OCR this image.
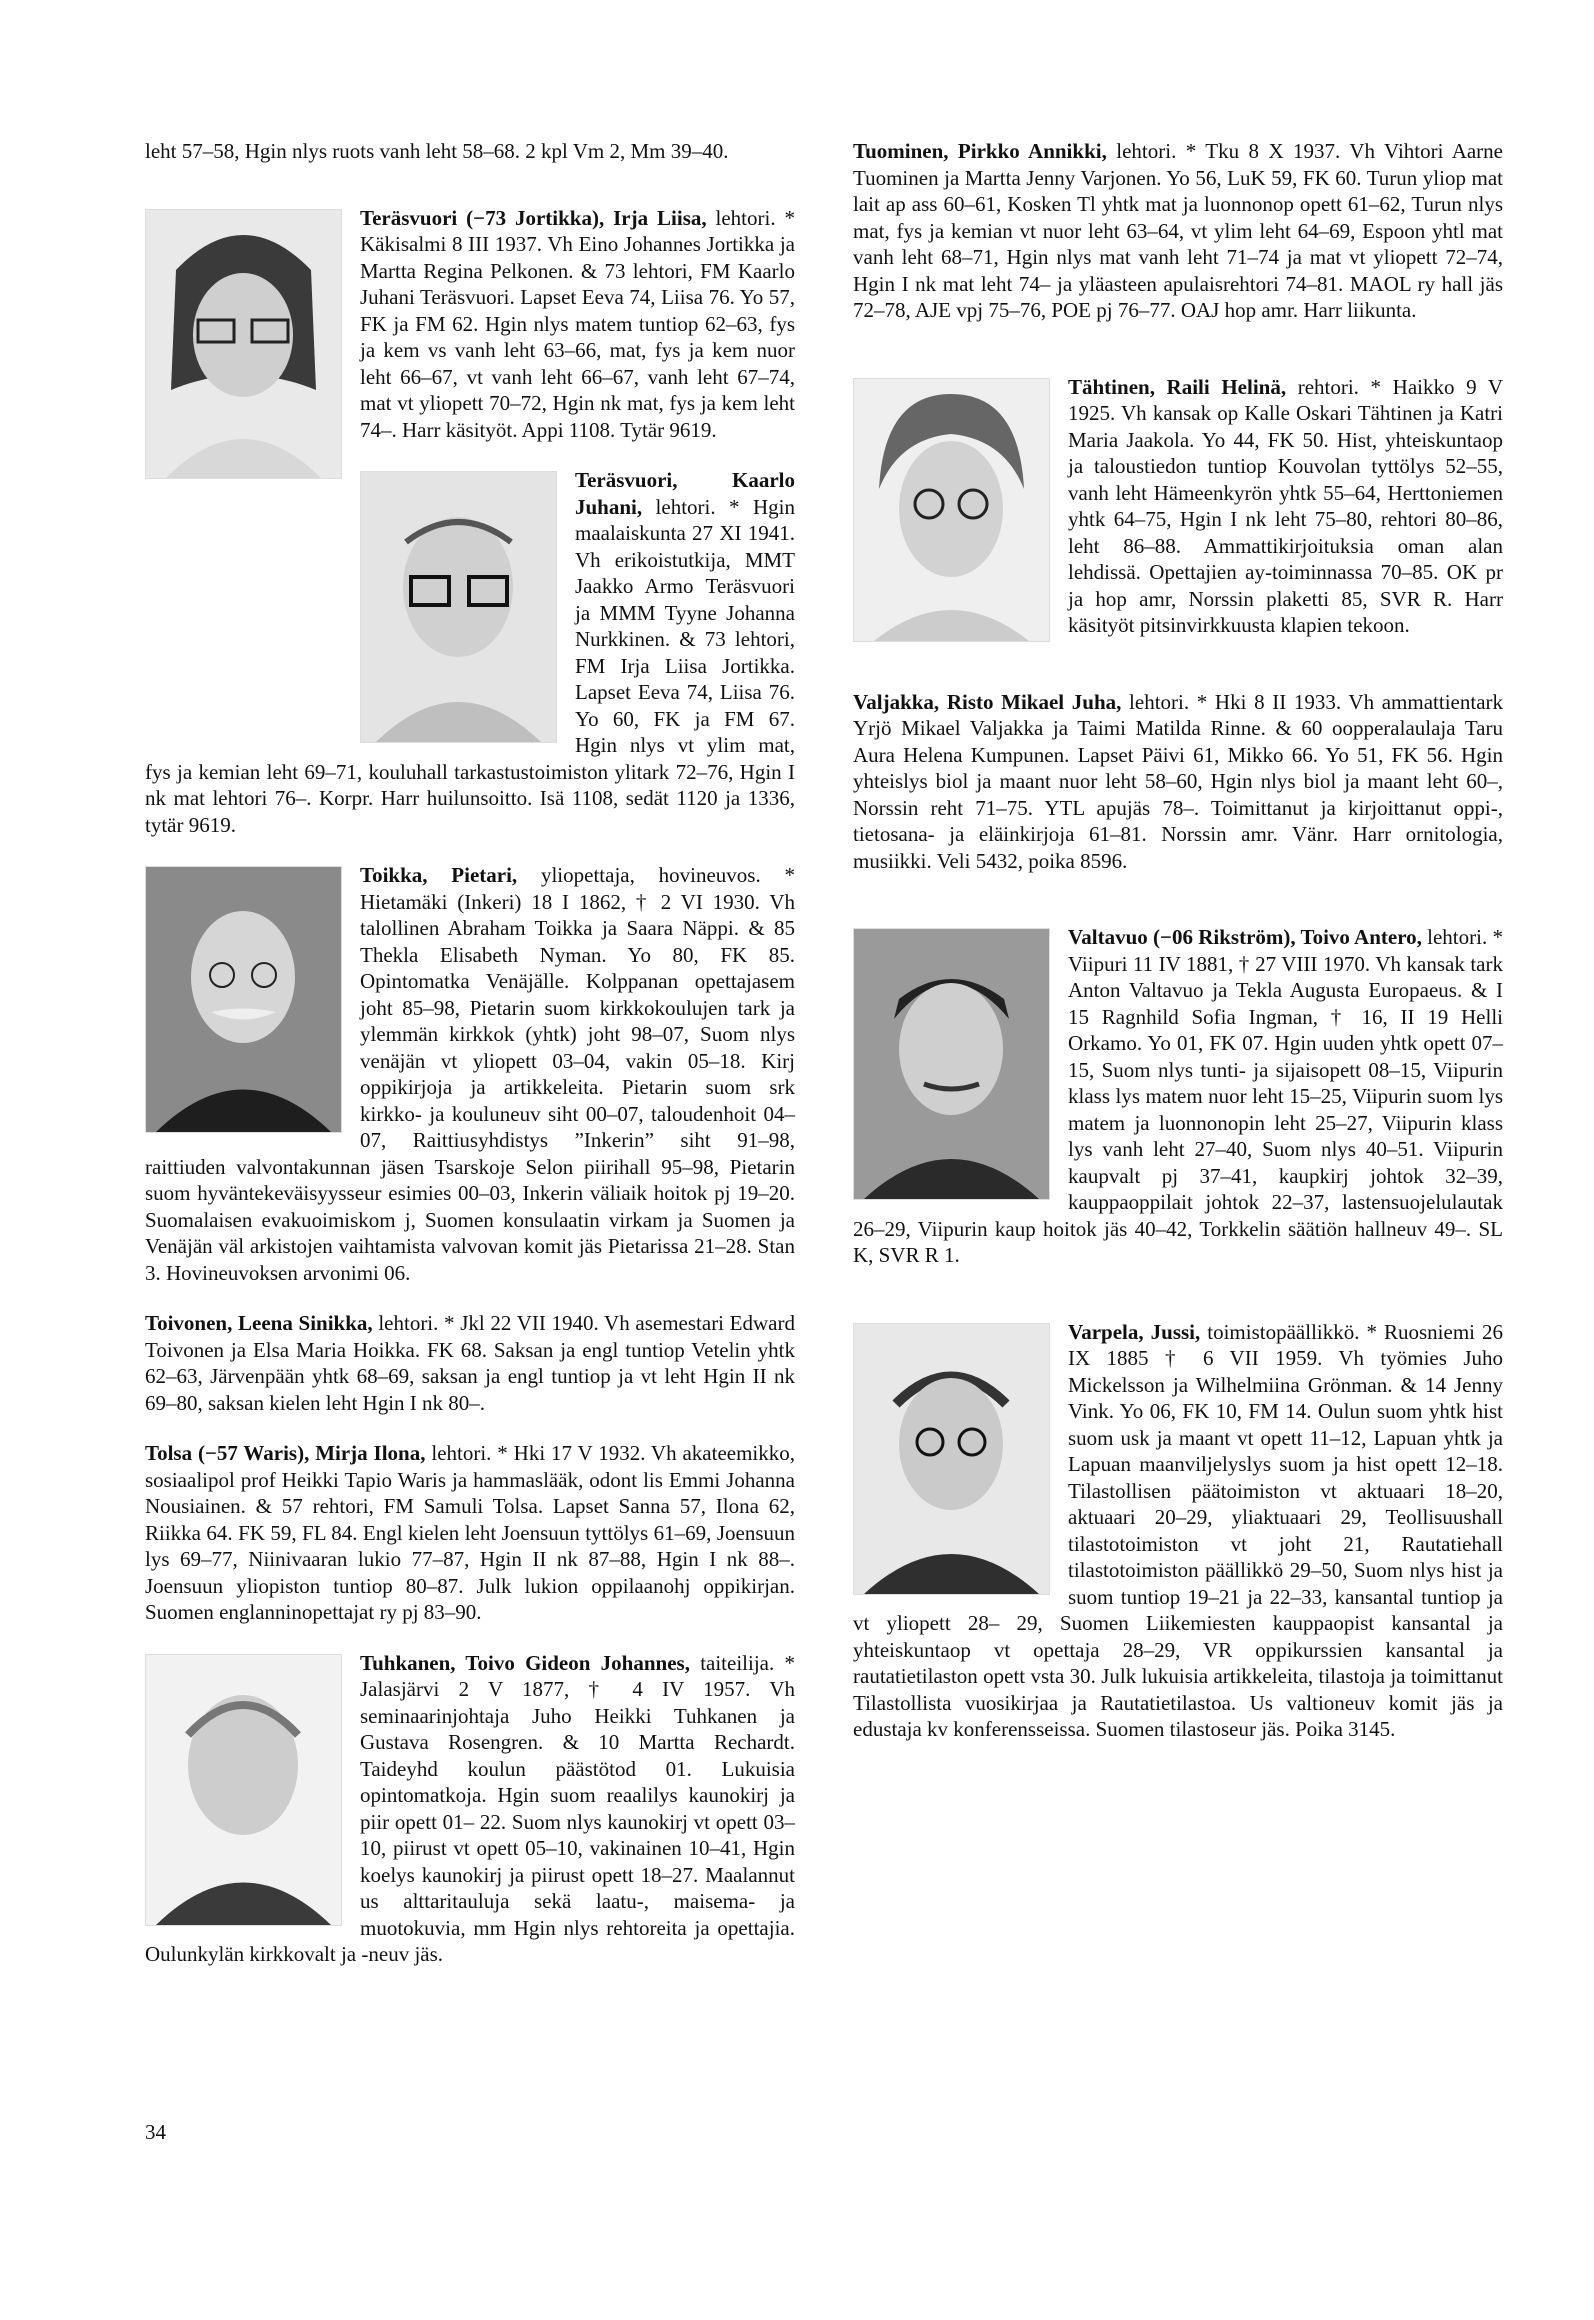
leht 57–58, Hgin nlys ruots vanh leht 58–68. 2 kpl Vm 2, Mm 39–40.

Teräsvuori (−73 Jortikka), Irja Liisa, lehtori. * Käkisalmi 8 III 1937. Vh Eino Johannes Jortikka ja Martta Regina Pelkonen. & 73 lehtori, FM Kaarlo Juhani Teräsvuori. Lapset Eeva 74, Liisa 76. Yo 57, FK ja FM 62. Hgin nlys matem tuntiop 62–63, fys ja kem vs vanh leht 63–66, mat, fys ja kem nuor leht 66–67, vt vanh leht 66–67, vanh leht 67–74, mat vt yliopett 70–72, Hgin nk mat, fys ja kem leht 74–. Harr käsityöt. Appi 1108. Tytär 9619.

Teräsvuori, Kaarlo Juhani, lehtori. * Hgin maalaiskunta 27 XI 1941. Vh erikoistutkija, MMT Jaakko Armo Teräsvuori ja MMM Tyyne Johanna Nurkkinen. & 73 lehtori, FM Irja Liisa Jortikka. Lapset Eeva 74, Liisa 76. Yo 60, FK ja FM 67. Hgin nlys vt ylim mat, fys ja kemian leht 69–71, kouluhall tarkastustoimiston ylitark 72–76, Hgin I nk mat lehtori 76–. Korpr. Harr huilunsoitto. Isä 1108, sedät 1120 ja 1336, tytär 9619.

Toikka, Pietari, yliopettaja, hovineuvos. * Hietamäki (Inkeri) 18 I 1862, † 2 VI 1930. Vh talollinen Abraham Toikka ja Saara Näppi. & 85 Thekla Elisabeth Nyman. Yo 80, FK 85. Opintomatka Venäjälle. Kolppanan opettajasem joht 85–98, Pietarin suom kirkkokoulujen tark ja ylemmän kirkkok (yhtk) joht 98–07, Suom nlys venäjän vt yliopett 03–04, vakin 05–18. Kirj oppikirjoja ja artikkeleita. Pietarin suom srk kirkko- ja kouluneuv siht 00–07, taloudenhoit 04–07, Raittiusyhdistys ”Inkerin” siht 91–98, raittiuden valvontakunnan jäsen Tsarskoje Selon piirihall 95–98, Pietarin suom hyväntekeväisyysseur esimies 00–03, Inkerin väliaik hoitok pj 19–20. Suomalaisen evakuoimiskom j, Suomen konsulaatin virkam ja Suomen ja Venäjän väl arkistojen vaihtamista valvovan komit jäs Pietarissa 21–28. Stan 3. Hovineuvoksen arvonimi 06.

Toivonen, Leena Sinikka, lehtori. * Jkl 22 VII 1940. Vh asemestari Edward Toivonen ja Elsa Maria Hoikka. FK 68. Saksan ja engl tuntiop Vetelin yhtk 62–63, Järvenpään yhtk 68–69, saksan ja engl tuntiop ja vt leht Hgin II nk 69–80, saksan kielen leht Hgin I nk 80–.

Tolsa (−57 Waris), Mirja Ilona, lehtori. * Hki 17 V 1932. Vh akateemikko, sosiaalipol prof Heikki Tapio Waris ja hammaslääk, odont lis Emmi Johanna Nousiainen. & 57 rehtori, FM Samuli Tolsa. Lapset Sanna 57, Ilona 62, Riikka 64. FK 59, FL 84. Engl kielen leht Joensuun tyttölys 61–69, Joensuun lys 69–77, Niinivaaran lukio 77–87, Hgin II nk 87–88, Hgin I nk 88–. Joensuun yliopiston tuntiop 80–87. Julk lukion oppilaanohj oppikirjan. Suomen englanninopettajat ry pj 83–90.

Tuhkanen, Toivo Gideon Johannes, taiteilija. * Jalasjärvi 2 V 1877, † 4 IV 1957. Vh seminaarinjohtaja Juho Heikki Tuhkanen ja Gustava Rosengren. & 10 Martta Rechardt. Taideyhd koulun päästötod 01. Lukuisia opintomatkoja. Hgin suom reaalilys kaunokirj ja piir opett 01– 22. Suom nlys kaunokirj vt opett 03–10, piirust vt opett 05–10, vakinainen 10–41, Hgin koelys kaunokirj ja piirust opett 18–27. Maalannut us alttaritauluja sekä laatu-, maisema- ja muotokuvia, mm Hgin nlys rehtoreita ja opettajia. Oulunkylän kirkkovalt ja -neuv jäs.

Tuominen, Pirkko Annikki, lehtori. * Tku 8 X 1937. Vh Vihtori Aarne Tuominen ja Martta Jenny Varjonen. Yo 56, LuK 59, FK 60. Turun yliop mat lait ap ass 60–61, Kosken Tl yhtk mat ja luonnonop opett 61–62, Turun nlys mat, fys ja kemian vt nuor leht 63–64, vt ylim leht 64–69, Espoon yhtl mat vanh leht 68–71, Hgin nlys mat vanh leht 71–74 ja mat vt yliopett 72–74, Hgin I nk mat leht 74– ja yläasteen apulaisrehtori 74–81. MAOL ry hall jäs 72–78, AJE vpj 75–76, POE pj 76–77. OAJ hop amr. Harr liikunta.

Tähtinen, Raili Helinä, rehtori. * Haikko 9 V 1925. Vh kansak op Kalle Oskari Tähtinen ja Katri Maria Jaakola. Yo 44, FK 50. Hist, yhteiskuntaop ja taloustiedon tuntiop Kouvolan tyttölys 52–55, vanh leht Hämeenkyrön yhtk 55–64, Herttoniemen yhtk 64–75, Hgin I nk leht 75–80, rehtori 80–86, leht 86–88. Ammattikirjoituksia oman alan lehdissä. Opettajien ay-toiminnassa 70–85. OK pr ja hop amr, Norssin plaketti 85, SVR R. Harr käsityöt pitsinvirkkuusta klapien tekoon.

Valjakka, Risto Mikael Juha, lehtori. * Hki 8 II 1933. Vh ammattientark Yrjö Mikael Valjakka ja Taimi Matilda Rinne. & 60 oopperalaulaja Taru Aura Helena Kumpunen. Lapset Päivi 61, Mikko 66. Yo 51, FK 56. Hgin yhteislys biol ja maant nuor leht 58–60, Hgin nlys biol ja maant leht 60–, Norssin reht 71–75. YTL apujäs 78–. Toimittanut ja kirjoittanut oppi-, tietosana- ja eläinkirjoja 61–81. Norssin amr. Vänr. Harr ornitologia, musiikki. Veli 5432, poika 8596.

Valtavuo (−06 Rikström), Toivo Antero, lehtori. * Viipuri 11 IV 1881, † 27 VIII 1970. Vh kansak tark Anton Valtavuo ja Tekla Augusta Europaeus. & I 15 Ragnhild Sofia Ingman, † 16, II 19 Helli Orkamo. Yo 01, FK 07. Hgin uuden yhtk opett 07–15, Suom nlys tunti- ja sijaisopett 08–15, Viipurin klass lys matem nuor leht 15–25, Viipurin suom lys matem ja luonnonopin leht 25–27, Viipurin klass lys vanh leht 27–40, Suom nlys 40–51. Viipurin kaupvalt pj 37–41, kaupkirj johtok 32–39, kauppaoppilait johtok 22–37, lastensuojelulautak 26–29, Viipurin kaup hoitok jäs 40–42, Torkkelin säätiön hallneuv 49–. SL K, SVR R 1.

Varpela, Jussi, toimistopäällikkö. * Ruosniemi 26 IX 1885 † 6 VII 1959. Vh työmies Juho Mickelsson ja Wilhelmiina Grönman. & 14 Jenny Vink. Yo 06, FK 10, FM 14. Oulun suom yhtk hist suom usk ja maant vt opett 11–12, Lapuan yhtk ja Lapuan maanviljelyslys suom ja hist opett 12–18. Tilastollisen päätoimiston vt aktuaari 18–20, aktuaari 20–29, yliaktuaari 29, Teollisuushall tilastotoimiston vt joht 21, Rautatiehall tilastotoimiston päällikkö 29–50, Suom nlys hist ja suom tuntiop 19–21 ja 22–33, kansantal tuntiop ja vt yliopett 28– 29, Suomen Liikemiesten kauppaopist kansantal ja yhteiskuntaop vt opettaja 28–29, VR oppikurssien kansantal ja rautatietilaston opett vsta 30. Julk lukuisia artikkeleita, tilastoja ja toimittanut Tilastollista vuosikirjaa ja Rautatietilastoa. Us valtioneuv komit jäs ja edustaja kv konferensseissa. Suomen tilastoseur jäs. Poika 3145.

34
